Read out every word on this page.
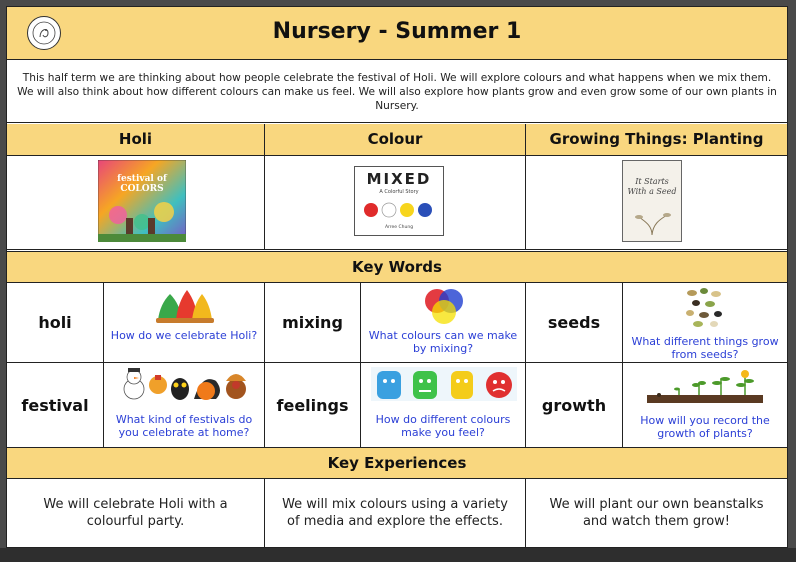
Nursery - Summer 1
This half term we are thinking about how people celebrate the festival of Holi. We will explore colours and what happens when we mix them. We will also think about how different colours can make us feel. We will also explore how plants grow and even grow some of our own plants in Nursery.
Holi	Colour	Growing Things: Planting
festival of COLORS
MIXED
A Colorful Story
Arree Chung
It Starts With a Seed
Key Words
holi
How do we celebrate Holi?
mixing
What colours can we make by mixing?
seeds
What different things grow from seeds?
festival
What kind of festivals do you celebrate at home?
feelings
How do different colours make you feel?
growth
How will you record the growth of plants?
Key Experiences
We will celebrate Holi with a colourful party.
We will mix colours using a variety of media and explore the effects.
We will plant our own beanstalks and watch them grow!
